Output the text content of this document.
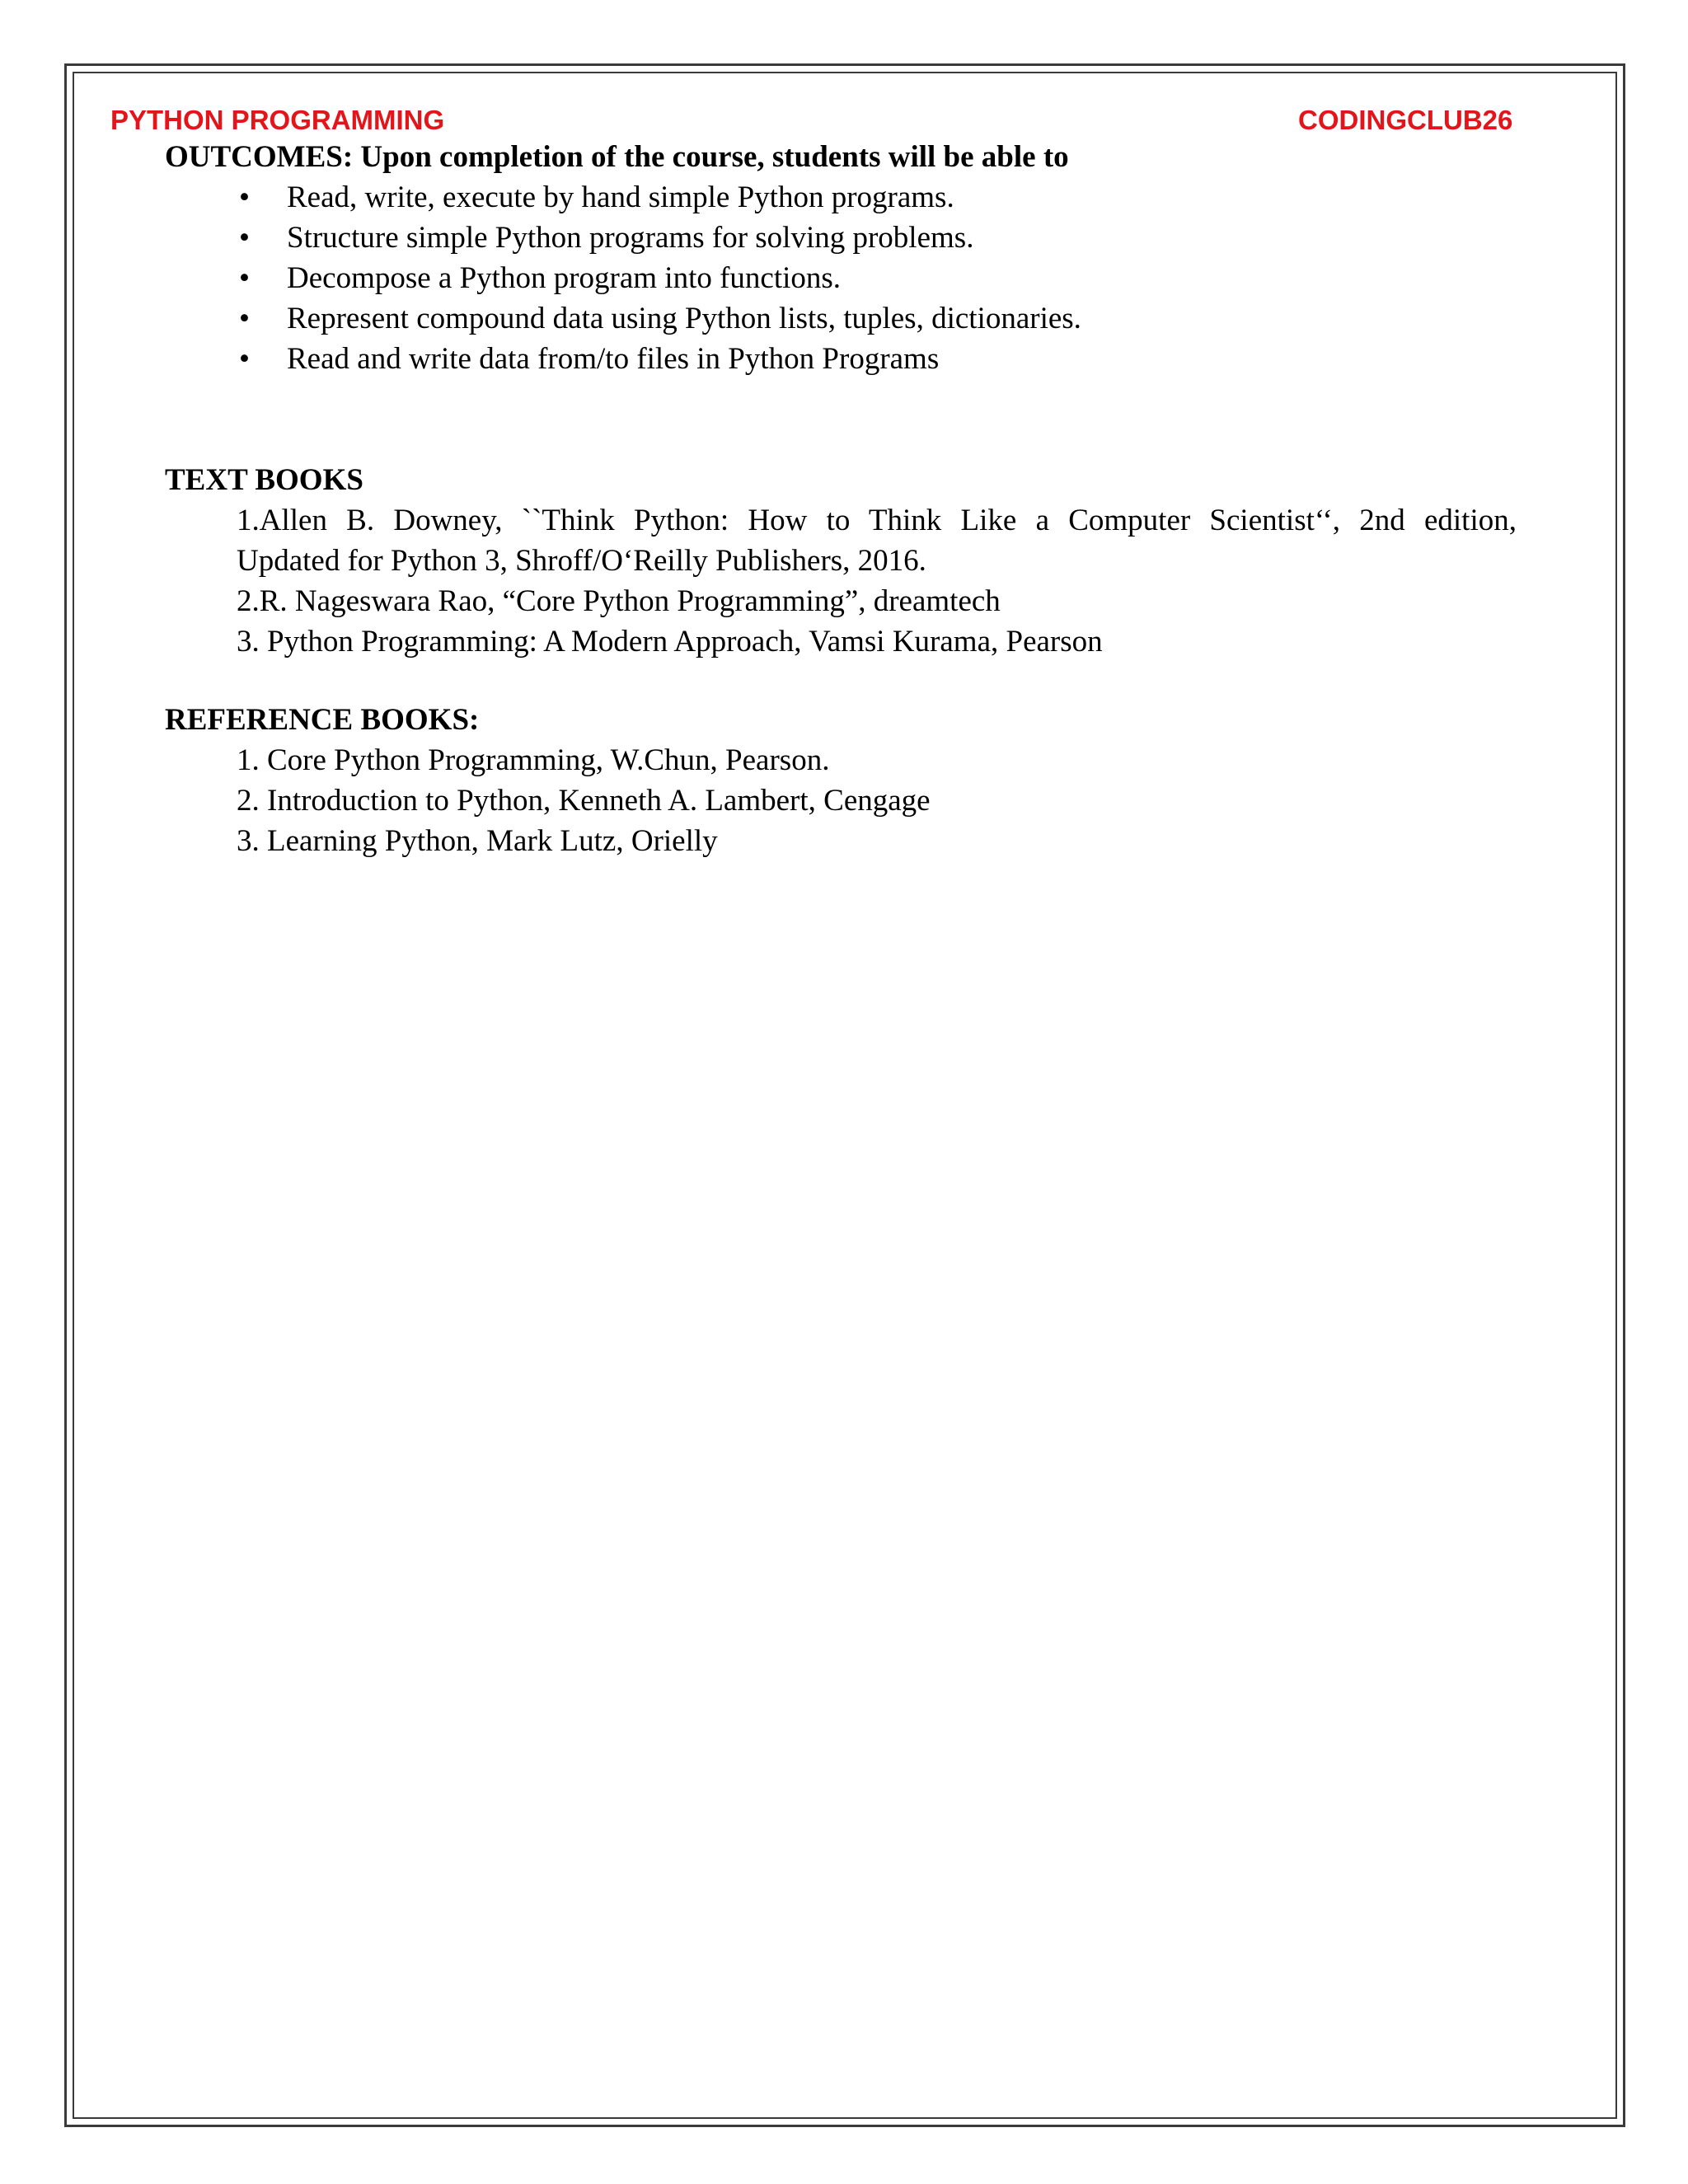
PYTHON PROGRAMMING	CODINGCLUB26
OUTCOMES: Upon completion of the course, students will be able to
• Read, write, execute by hand simple Python programs.
• Structure simple Python programs for solving problems.
• Decompose a Python program into functions.
• Represent compound data using Python lists, tuples, dictionaries.
• Read and write data from/to files in Python Programs
TEXT BOOKS
1.Allen B. Downey, ``Think Python: How to Think Like a Computer Scientist‘‘, 2nd edition,
Updated for Python 3, Shroff/O‘Reilly Publishers, 2016.
2.R. Nageswara Rao, “Core Python Programming”, dreamtech
3. Python Programming: A Modern Approach, Vamsi Kurama, Pearson
REFERENCE BOOKS:
1. Core Python Programming, W.Chun, Pearson.
2. Introduction to Python, Kenneth A. Lambert, Cengage
3. Learning Python, Mark Lutz, Orielly
